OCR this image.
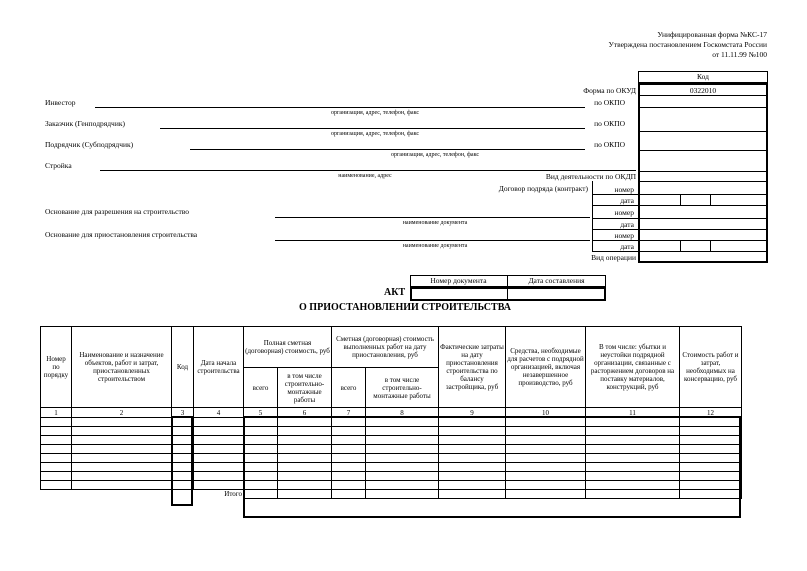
Унифицированная форма №КС-17
Утверждена постановлением Госкомстата России
от 11.11.99 №100
Код
0322010
Форма по ОКУД
по ОКПО
по ОКПО
по ОКПО
Вид деятельности по ОКДП
Договор подряда (контракт)	номер
дата
номер
дата
номер
дата
Вид операции
Инвестор
организация, адрес, телефон, факс
Заказчик (Генподрядчик)
организация, адрес, телефон, факс
Подрядчик (Субподрядчик)
организация, адрес, телефон, факс
Стройка
наименование, адрес
Основание для разрешения на строительство
наименование документа
Основание для приостановления строительства
наименование документа
Номер документа	Дата составления
АКТ
О ПРИОСТАНОВЛЕНИИ СТРОИТЕЛЬСТВА
Номер по порядку	Наименование и назначение объектов, работ и затрат, приостановленных строительством	Код	Дата начала строительства	Полная сметная (договорная) стоимость, руб		Сметная (договорная) стоимость выполненных работ на дату приостановления, руб		Фактические затраты на дату приостановления строительства по балансу застройщика, руб	Средства, необходимые для расчетов с подрядной организацией, включая незавершенное производство, руб	В том числе: убытки и неустойки подрядной организации, связанные с расторжением договоров на поставку материалов, конструкций, руб	Стоимость работ и затрат, необходимых на консервацию, руб
				всего	в том числе строительно-монтажные работы	всего	в том числе строительно-монтажные работы				
1	2	3	4	5	6	7	8	9	10	11	12

			Итого								
